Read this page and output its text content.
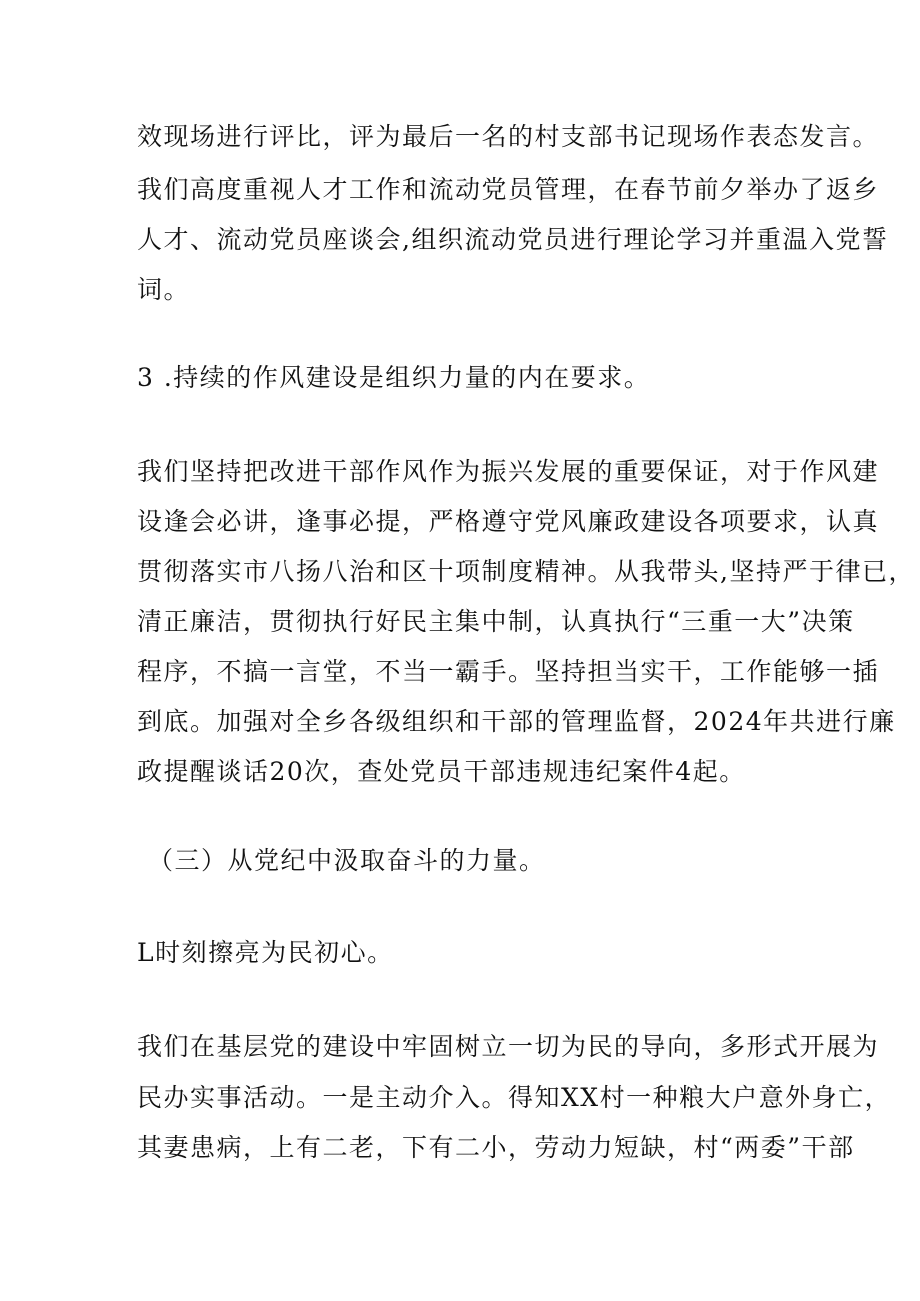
效现场进行评比，评为最后一名的村支部书记现场作表态发言。
我们高度重视人才工作和流动党员管理，在春节前夕举办了返乡
人才、流动党员座谈会,组织流动党员进行理论学习并重温入党誓
词。
3 .持续的作风建设是组织力量的内在要求。
我们坚持把改进干部作风作为振兴发展的重要保证，对于作风建
设逢会必讲，逢事必提，严格遵守党风廉政建设各项要求，认真
贯彻落实市八扬八治和区十项制度精神。从我带头,坚持严于律已，
清正廉洁，贯彻执行好民主集中制，认真执行“三重一大”决策
程序，不搞一言堂，不当一霸手。坚持担当实干，工作能够一插
到底。加强对全乡各级组织和干部的管理监督，2024年共进行廉
政提醒谈话20次，查处党员干部违规违纪案件4起。
（三）从党纪中汲取奋斗的力量。
L时刻擦亮为民初心。
我们在基层党的建设中牢固树立一切为民的导向，多形式开展为
民办实事活动。一是主动介入。得知XX村一种粮大户意外身亡，
其妻患病，上有二老，下有二小，劳动力短缺，村“两委”干部
